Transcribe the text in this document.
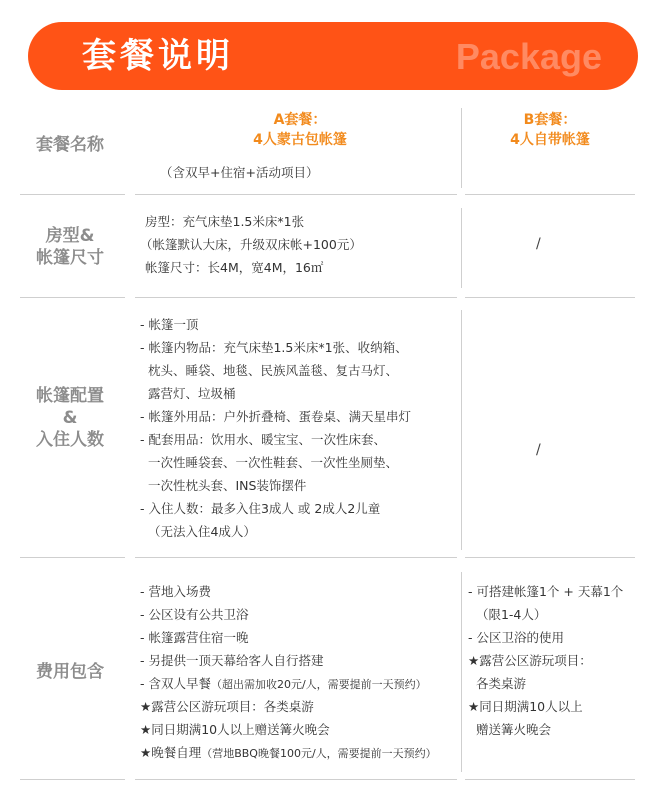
套餐说明	Package
套餐名称
A套餐：
4人蒙古包帐篷
（含双早+住宿+活动项目）
B套餐：
4人自带帐篷
房型&
帐篷尺寸
房型：充气床垫1.5米床*1张
（帐篷默认大床，升级双床帐+100元）
帐篷尺寸：长4M，宽4M，16㎡
/
帐篷配置
&
入住人数
- 帐篷一顶
- 帐篷内物品：充气床垫1.5米床*1张、收纳箱、
枕头、睡袋、地毯、民族风盖毯、复古马灯、
露营灯、垃圾桶
- 帐篷外用品：户外折叠椅、蛋卷桌、满天星串灯
- 配套用品：饮用水、暖宝宝、一次性床套、
一次性睡袋套、一次性鞋套、一次性坐厕垫、
一次性枕头套、INS装饰摆件
- 入住人数：最多入住3成人 或 2成人2儿童
（无法入住4成人）
/
费用包含
- 营地入场费
- 公区设有公共卫浴
- 帐篷露营住宿一晚
- 另提供一顶天幕给客人自行搭建
- 含双人早餐（超出需加收20元/人，需要提前一天预约）
★露营公区游玩项目：各类桌游
★同日期满10人以上赠送篝火晚会
★晚餐自理（营地BBQ晚餐100元/人，需要提前一天预约）
- 可搭建帐篷1个 + 天幕1个
（限1-4人）
- 公区卫浴的使用
★露营公区游玩项目：
各类桌游
★同日期满10人以上
赠送篝火晚会
